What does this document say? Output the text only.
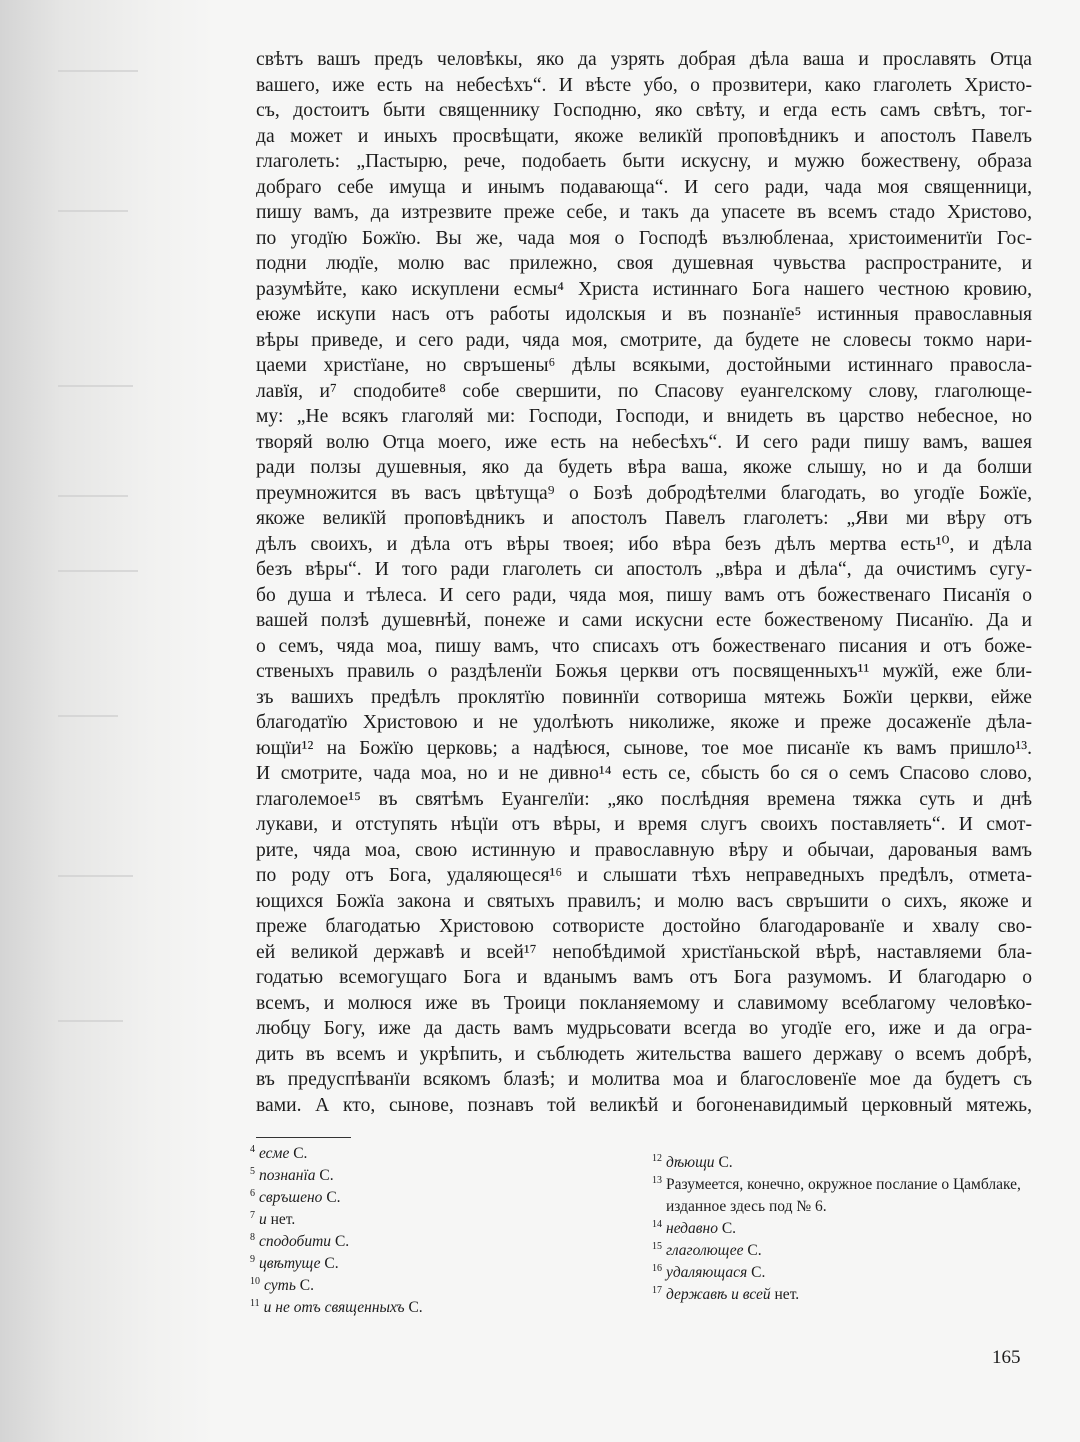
свѣтъ вашъ предъ человѣкы, яко да узрять добрая дѣла ваша и прославять Отца
вашего, иже есть на небесѣхъ“. И вѣсте убо, о прозвитери, како глаголеть Христо-
съ, достоитъ быти священнику Господню, яко свѣту, и егда есть самъ свѣтъ, тог-
да может и иныхъ просвѣщати, якоже великїй проповѣдникъ и апостолъ Павелъ
глаголеть: „Пастырю, рече, подобаеть быти искусну, и мужю божествену, образа
добраго себе имуща и инымъ подавающа“. И сего ради, чада моя священници,
пишу вамъ, да изтрезвите преже себе, и такъ да упасете въ всемъ стадо Христово,
по угодїю Божїю. Вы же, чада моя о Господѣ възлюбленаа, христоименитїи Гос-
подни людїе, молю вас прилежно, своя душевная чувьства распространите, и
разумѣйте, како искуплени есмы⁴ Христа истиннаго Бога нашего честною кровию,
еюже искупи насъ отъ работы идолскыя и въ познанїе⁵ истинныя православныя
вѣры приведе, и сего ради, чяда моя, смотрите, да будете не словесы токмо нари-
цаеми христїане, но свръшены⁶ дѣлы всякыми, достойными истиннаго правосла-
лавїя, и⁷ сподобите⁸ собе свершити, по Спасову еуангелскому слову, глаголюще-
му: „Не всякъ глаголяй ми: Господи, Господи, и внидеть въ царство небесное, но
творяй волю Отца моего, иже есть на небесѣхъ“. И сего ради пишу вамъ, вашея
ради ползы душевныя, яко да будеть вѣра ваша, якоже слышу, но и да болши
преумножится въ васъ цвѣтуща⁹ о Бозѣ добродѣтелми благодать, во угодїе Божїе,
якоже великїй проповѣдникъ и апостолъ Павелъ глаголетъ: „Яви ми вѣру отъ
дѣлъ своихъ, и дѣла отъ вѣры твоея; ибо вѣра безъ дѣлъ мертва есть¹⁰, и дѣла
безъ вѣры“. И того ради глаголеть си апостолъ „вѣра и дѣла“, да очистимъ сугу-
бо душа и тѣлеса. И сего ради, чяда моя, пишу вамъ отъ божественаго Писанїя о
вашей ползѣ душевнѣй, понеже и сами искусни есте божественому Писанїю. Да и
о семъ, чяда моа, пишу вамъ, что списахъ отъ божественаго писания и отъ боже-
ственыхъ правиль о раздѣленїи Божья церкви отъ посвященныхъ¹¹ мужїй, еже бли-
зъ вашихъ предѣлъ проклятїю повиннїи сотвориша мятежь Божїи церкви, ейже
благодатїю Христовою и не удолѣють николиже, якоже и преже досаженїе дѣла-
ющїи¹² на Божїю церковь; а надѣюся, сынове, тое мое писанїе къ вамъ пришло¹³.
И смотрите, чада моа, но и не дивно¹⁴ есть се, сбысть бо ся о семъ Спасово слово,
глаголемое¹⁵ въ святѣмъ Еуангелїи: „яко послѣдняя времена тяжка суть и днѣ
лукави, и отступять нѣцїи отъ вѣры, и время слугъ своихъ поставляеть“. И смот-
рите, чяда моа, свою истинную и православную вѣру и обычаи, дарованыя вамъ
по роду отъ Бога, удаляющеся¹⁶ и слышати тѣхъ неправедныхъ предѣлъ, отмета-
ющихся Божїа закона и святыхъ правилъ; и молю васъ свръшити о сихъ, якоже и
преже благодатью Христовою сотвористе достойно благодарованїе и хвалу сво-
ей великой державѣ и всей¹⁷ непобѣдимой христїаньской вѣрѣ, наставляеми бла-
годатью всемогущаго Бога и вданымъ вамъ отъ Бога разумомъ. И благодарю о
всемъ, и молюся иже въ Троици покланяемому и славимому всеблагому человѣко-
любцу Богу, иже да дасть вамъ мудрьсовати всегда во угодїе его, иже и да огра-
дить въ всемъ и укрѣпить, и съблюдеть жительства вашего державу о всемъ добрѣ,
въ предуспѣванїи всякомъ блазѣ; и молитва моа и благословенїе мое да будетъ съ
вами. А кто, сынове, познавъ той великѣй и богоненавидимый церковный мятежь,
$^4$ есме
С.
$^5$ познанїа
С.
$^6$ свръшено
С.
$^7$ и
нет.
$^8$ сподобити
С.
$^9$ цвѣтуще
С.
$^{10}$ суть
С.
$^{11}$ и не отъ священныхъ
С.
$^{12}$ дѣющи
С.
$^{13}$ Разумеется, конечно, окружное послание о Цамблаке, изданное здесь под № 6.
$^{14}$ недавно
С.
$^{15}$ глаголющее
С.
$^{16}$ удаляющася
С.
$^{17}$ державѣ и всей
нет.
165
